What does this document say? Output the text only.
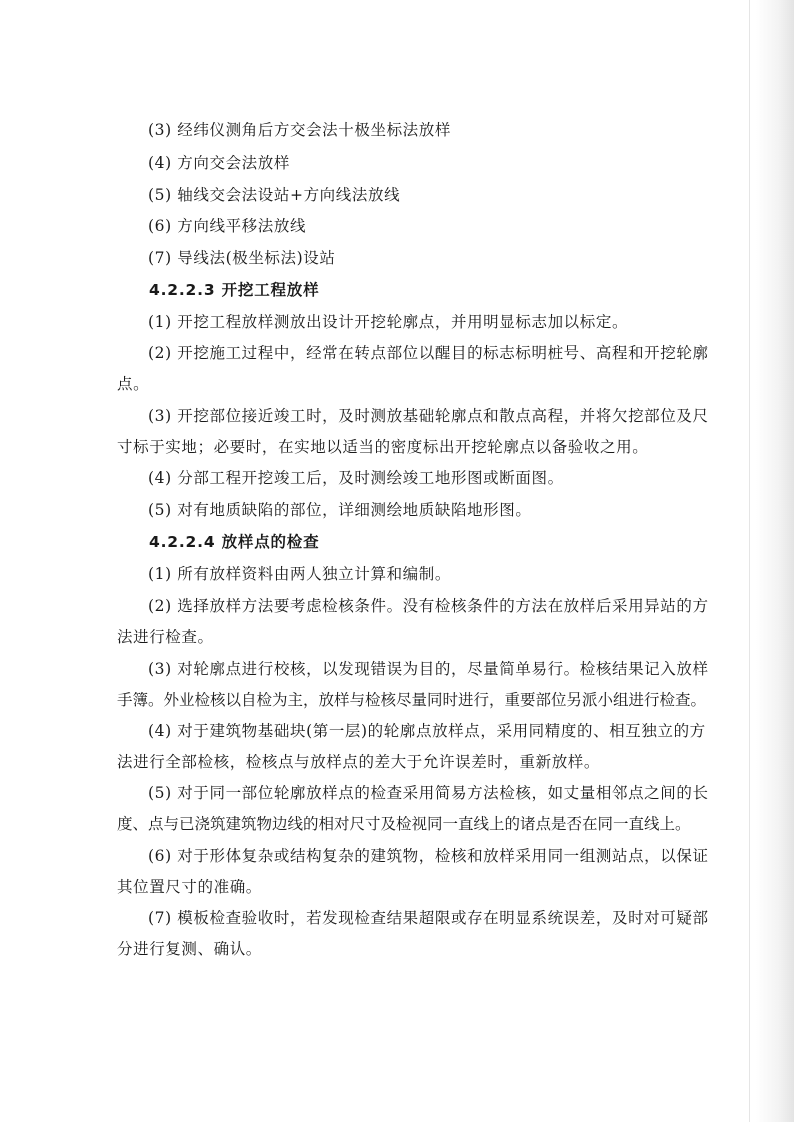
(3) 经纬仪测角后方交会法十极坐标法放样
(4) 方向交会法放样
(5) 轴线交会法设站+方向线法放线
(6) 方向线平移法放线
(7) 导线法(极坐标法)设站
4.2.2.3 开挖工程放样
(1) 开挖工程放样测放出设计开挖轮廓点，并用明显标志加以标定。
(2) 开挖施工过程中，经常在转点部位以醒目的标志标明桩号、高程和开挖轮廓
点。
(3) 开挖部位接近竣工时，及时测放基础轮廓点和散点高程，并将欠挖部位及尺
寸标于实地；必要时，在实地以适当的密度标出开挖轮廓点以备验收之用。
(4) 分部工程开挖竣工后，及时测绘竣工地形图或断面图。
(5) 对有地质缺陷的部位，详细测绘地质缺陷地形图。
4.2.2.4 放样点的检查
(1) 所有放样资料由两人独立计算和编制。
(2) 选择放样方法要考虑检核条件。没有检核条件的方法在放样后采用异站的方
法进行检查。
(3) 对轮廓点进行校核，以发现错误为目的，尽量简单易行。检核结果记入放样
手簿。外业检核以自检为主，放样与检核尽量同时进行，重要部位另派小组进行检查。
(4) 对于建筑物基础块(第一层)的轮廓点放样点，采用同精度的、相互独立的方
法进行全部检核，检核点与放样点的差大于允许误差时，重新放样。
(5) 对于同一部位轮廓放样点的检查采用简易方法检核，如丈量相邻点之间的长
度、点与已浇筑建筑物边线的相对尺寸及检视同一直线上的诸点是否在同一直线上。
(6) 对于形体复杂或结构复杂的建筑物，检核和放样采用同一组测站点，以保证
其位置尺寸的准确。
(7) 模板检查验收时，若发现检查结果超限或存在明显系统误差，及时对可疑部
分进行复测、确认。
